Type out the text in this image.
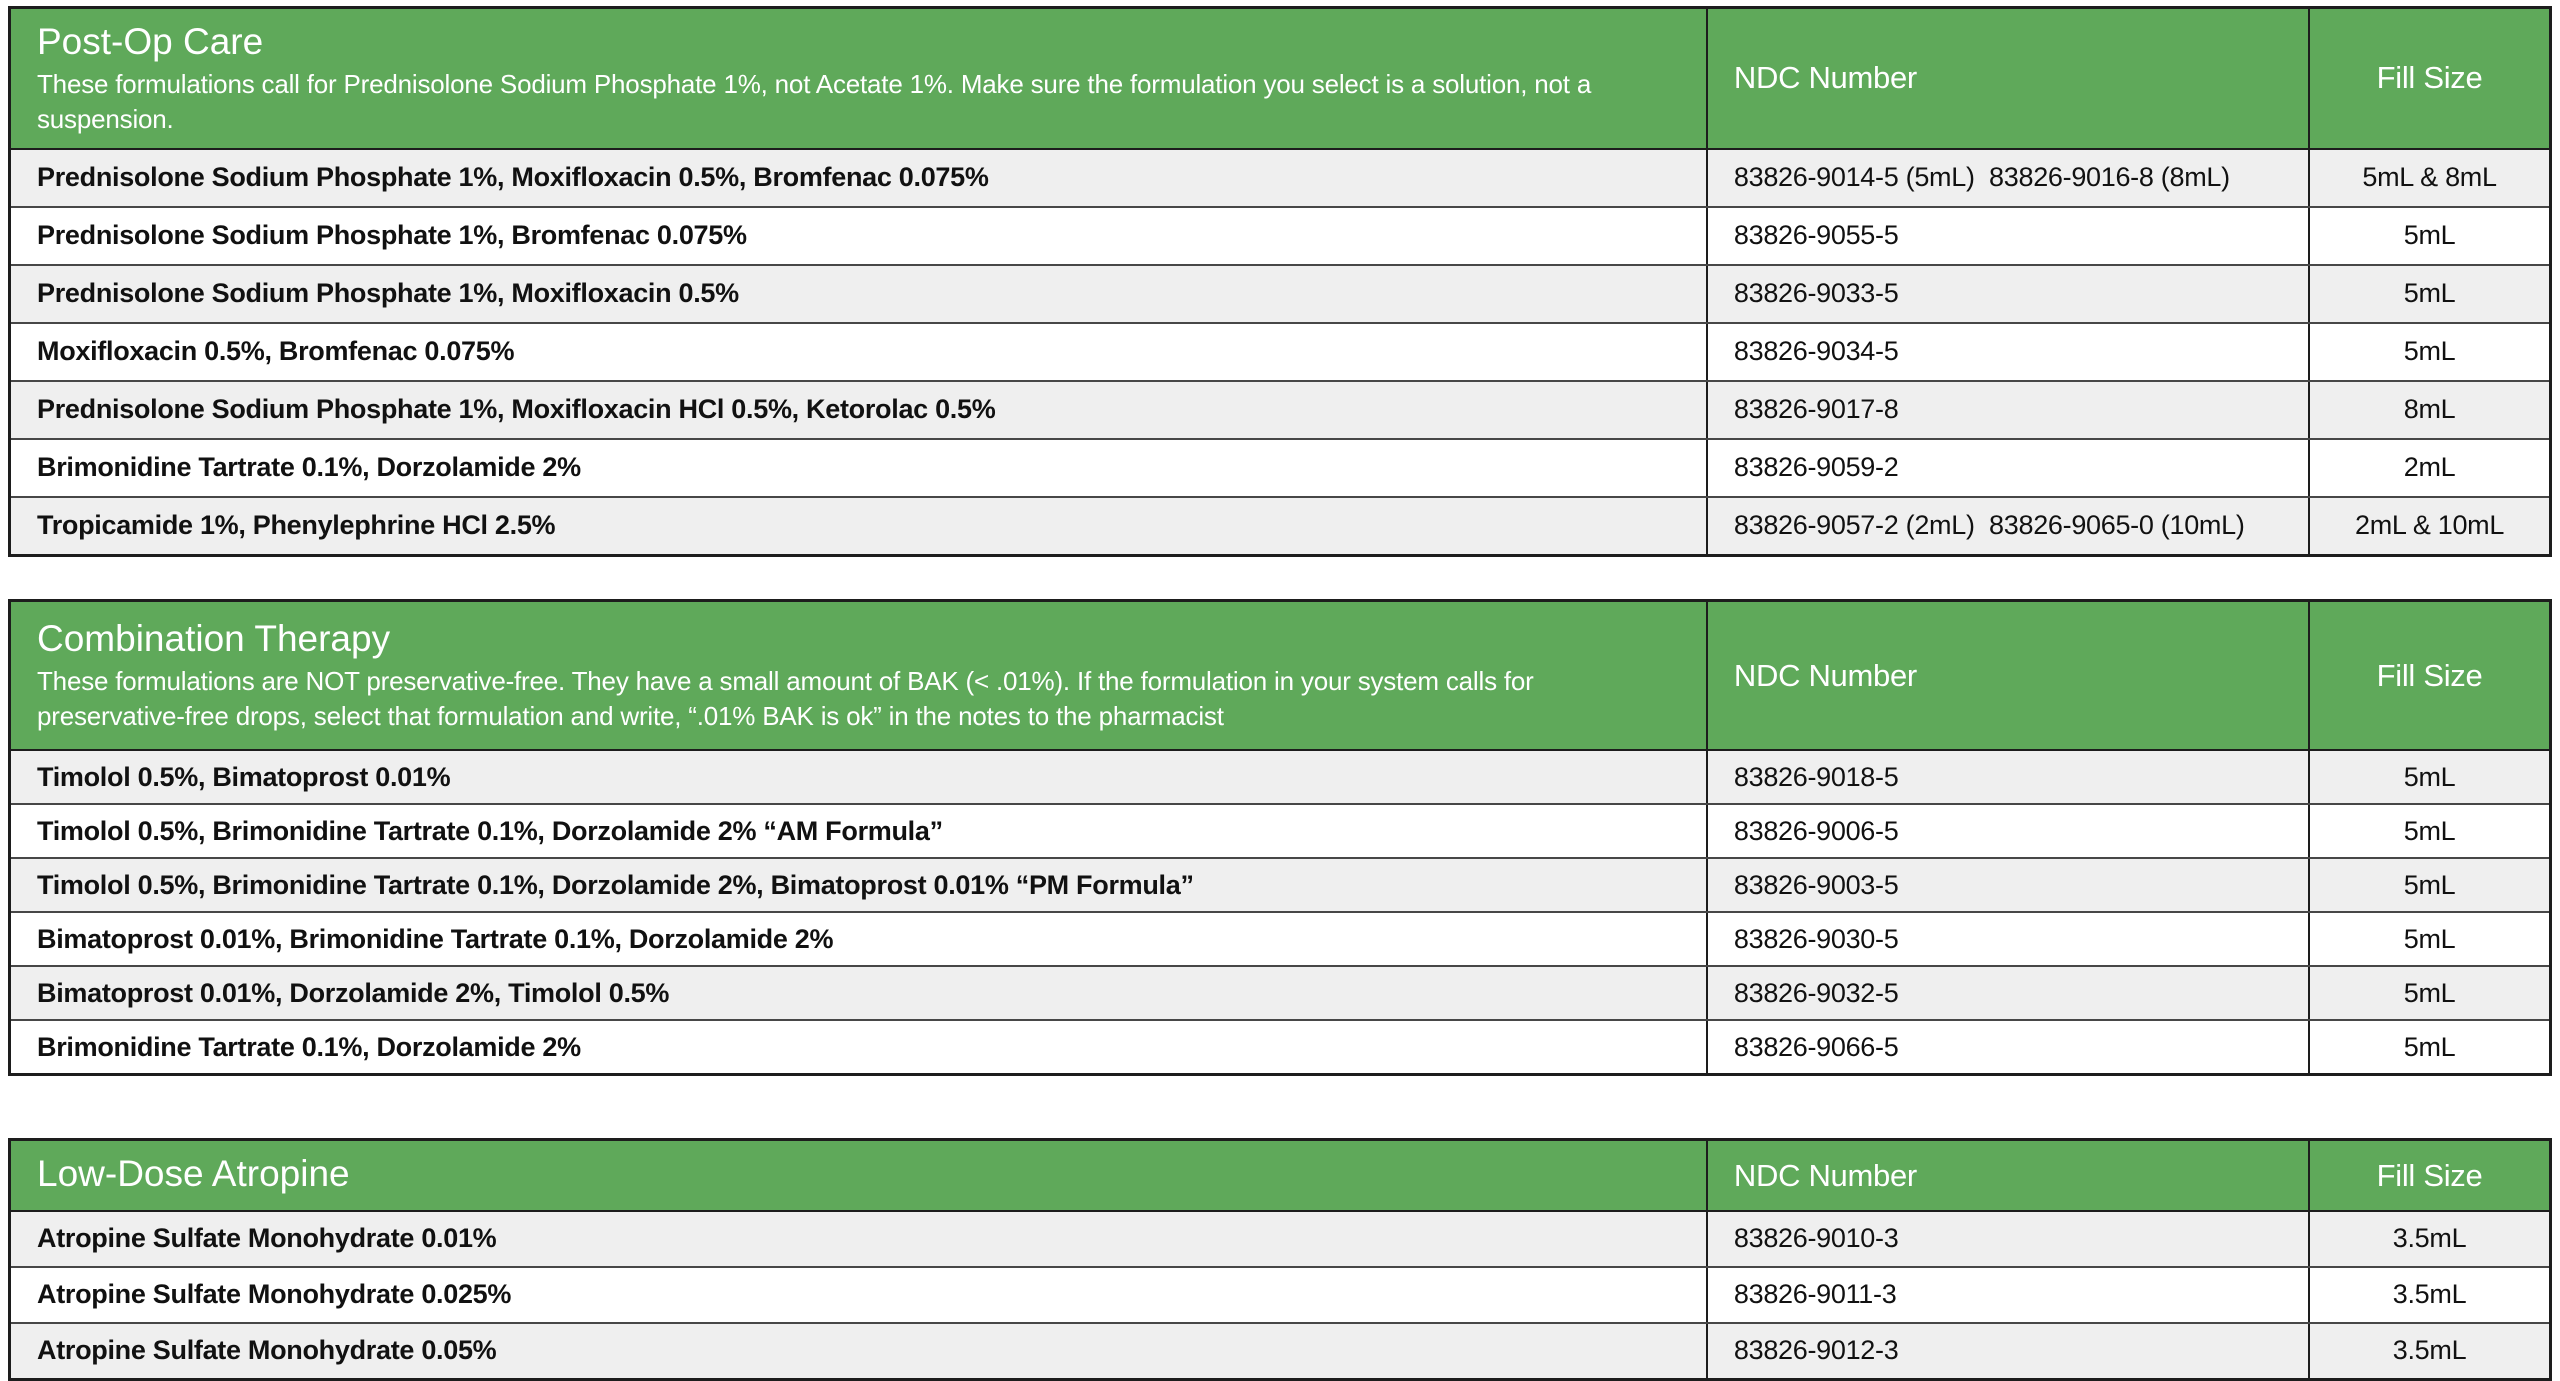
Post-Op Care
These formulations call for Prednisolone Sodium Phosphate 1%, not Acetate 1%. Make sure the formulation you select is a solution, not a suspension.	NDC Number	Fill Size
Prednisolone Sodium Phosphate 1%, Moxifloxacin 0.5%, Bromfenac 0.075%	83826-9014-5 (5mL)  83826-9016-8 (8mL)	5mL & 8mL
Prednisolone Sodium Phosphate 1%, Bromfenac 0.075%	83826-9055-5	5mL
Prednisolone Sodium Phosphate 1%, Moxifloxacin 0.5%	83826-9033-5	5mL
Moxifloxacin 0.5%, Bromfenac 0.075%	83826-9034-5	5mL
Prednisolone Sodium Phosphate 1%, Moxifloxacin HCl 0.5%, Ketorolac 0.5%	83826-9017-8	8mL
Brimonidine Tartrate 0.1%, Dorzolamide 2%	83826-9059-2	2mL
Tropicamide 1%, Phenylephrine HCl 2.5%	83826-9057-2 (2mL)  83826-9065-0 (10mL)	2mL & 10mL
Combination Therapy
These formulations are NOT preservative-free. They have a small amount of BAK (< .01%). If the formulation in your system calls for preservative-free drops, select that formulation and write, “.01% BAK is ok” in the notes to the pharmacist	NDC Number	Fill Size
Timolol 0.5%, Bimatoprost 0.01%	83826-9018-5	5mL
Timolol 0.5%, Brimonidine Tartrate 0.1%, Dorzolamide 2% “AM Formula”	83826-9006-5	5mL
Timolol 0.5%, Brimonidine Tartrate 0.1%, Dorzolamide 2%, Bimatoprost 0.01% “PM Formula”	83826-9003-5	5mL
Bimatoprost 0.01%, Brimonidine Tartrate 0.1%, Dorzolamide 2%	83826-9030-5	5mL
Bimatoprost 0.01%, Dorzolamide 2%, Timolol 0.5%	83826-9032-5	5mL
Brimonidine Tartrate 0.1%, Dorzolamide 2%	83826-9066-5	5mL
Low-Dose Atropine	NDC Number	Fill Size
Atropine Sulfate Monohydrate 0.01%	83826-9010-3	3.5mL
Atropine Sulfate Monohydrate 0.025%	83826-9011-3	3.5mL
Atropine Sulfate Monohydrate 0.05%	83826-9012-3	3.5mL
